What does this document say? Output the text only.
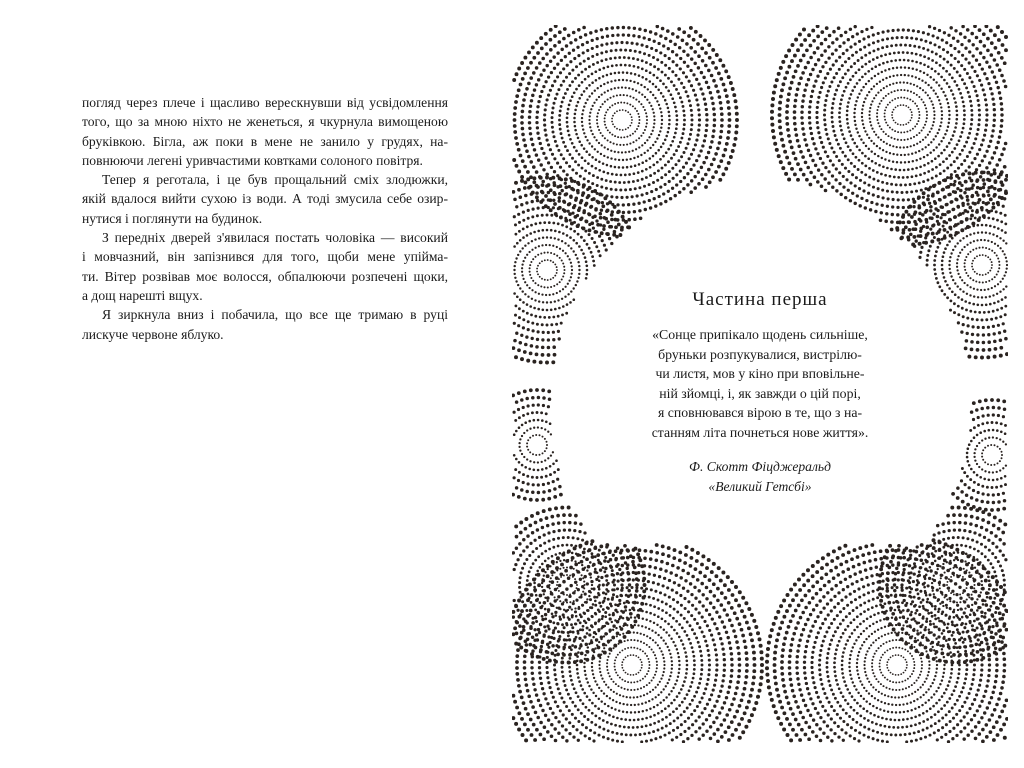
погляд через плече і щасливо верескнувши від усвідомлення
того, що за мною ніхто не женеться, я чкурнула вимощеною
бруківкою. Бігла, аж поки в мене не занило у грудях, на-
повнюючи легені уривчастими ковтками солоного повітря.
Тепер я реготала, і це був прощальний сміх злодюжки,
якій вдалося вийти сухою із води. А тоді змусила себе озир-
нутися і поглянути на будинок.
З передніх дверей з'явилася постать чоловіка — високий
і мовчазний, він запізнився для того, щоби мене упійма-
ти. Вітер розвівав моє волосся, обпалюючи розпечені щоки,
а дощ нарешті вщух.
Я зиркнула вниз і побачила, що все ще тримаю в руці
лискуче червоне яблуко.
Частина перша
«Сонце припікало щодень сильніше,
бруньки розпукувалися, вистрілю-
чи листя, мов у кіно при вповільне-
ній зйомці, і, як завжди о цій порі,
я сповнювався вірою в те, що з на-
станням літа почнеться нове життя».
Ф. Скотт Фіцджеральд
«Великий Гетсбі»
